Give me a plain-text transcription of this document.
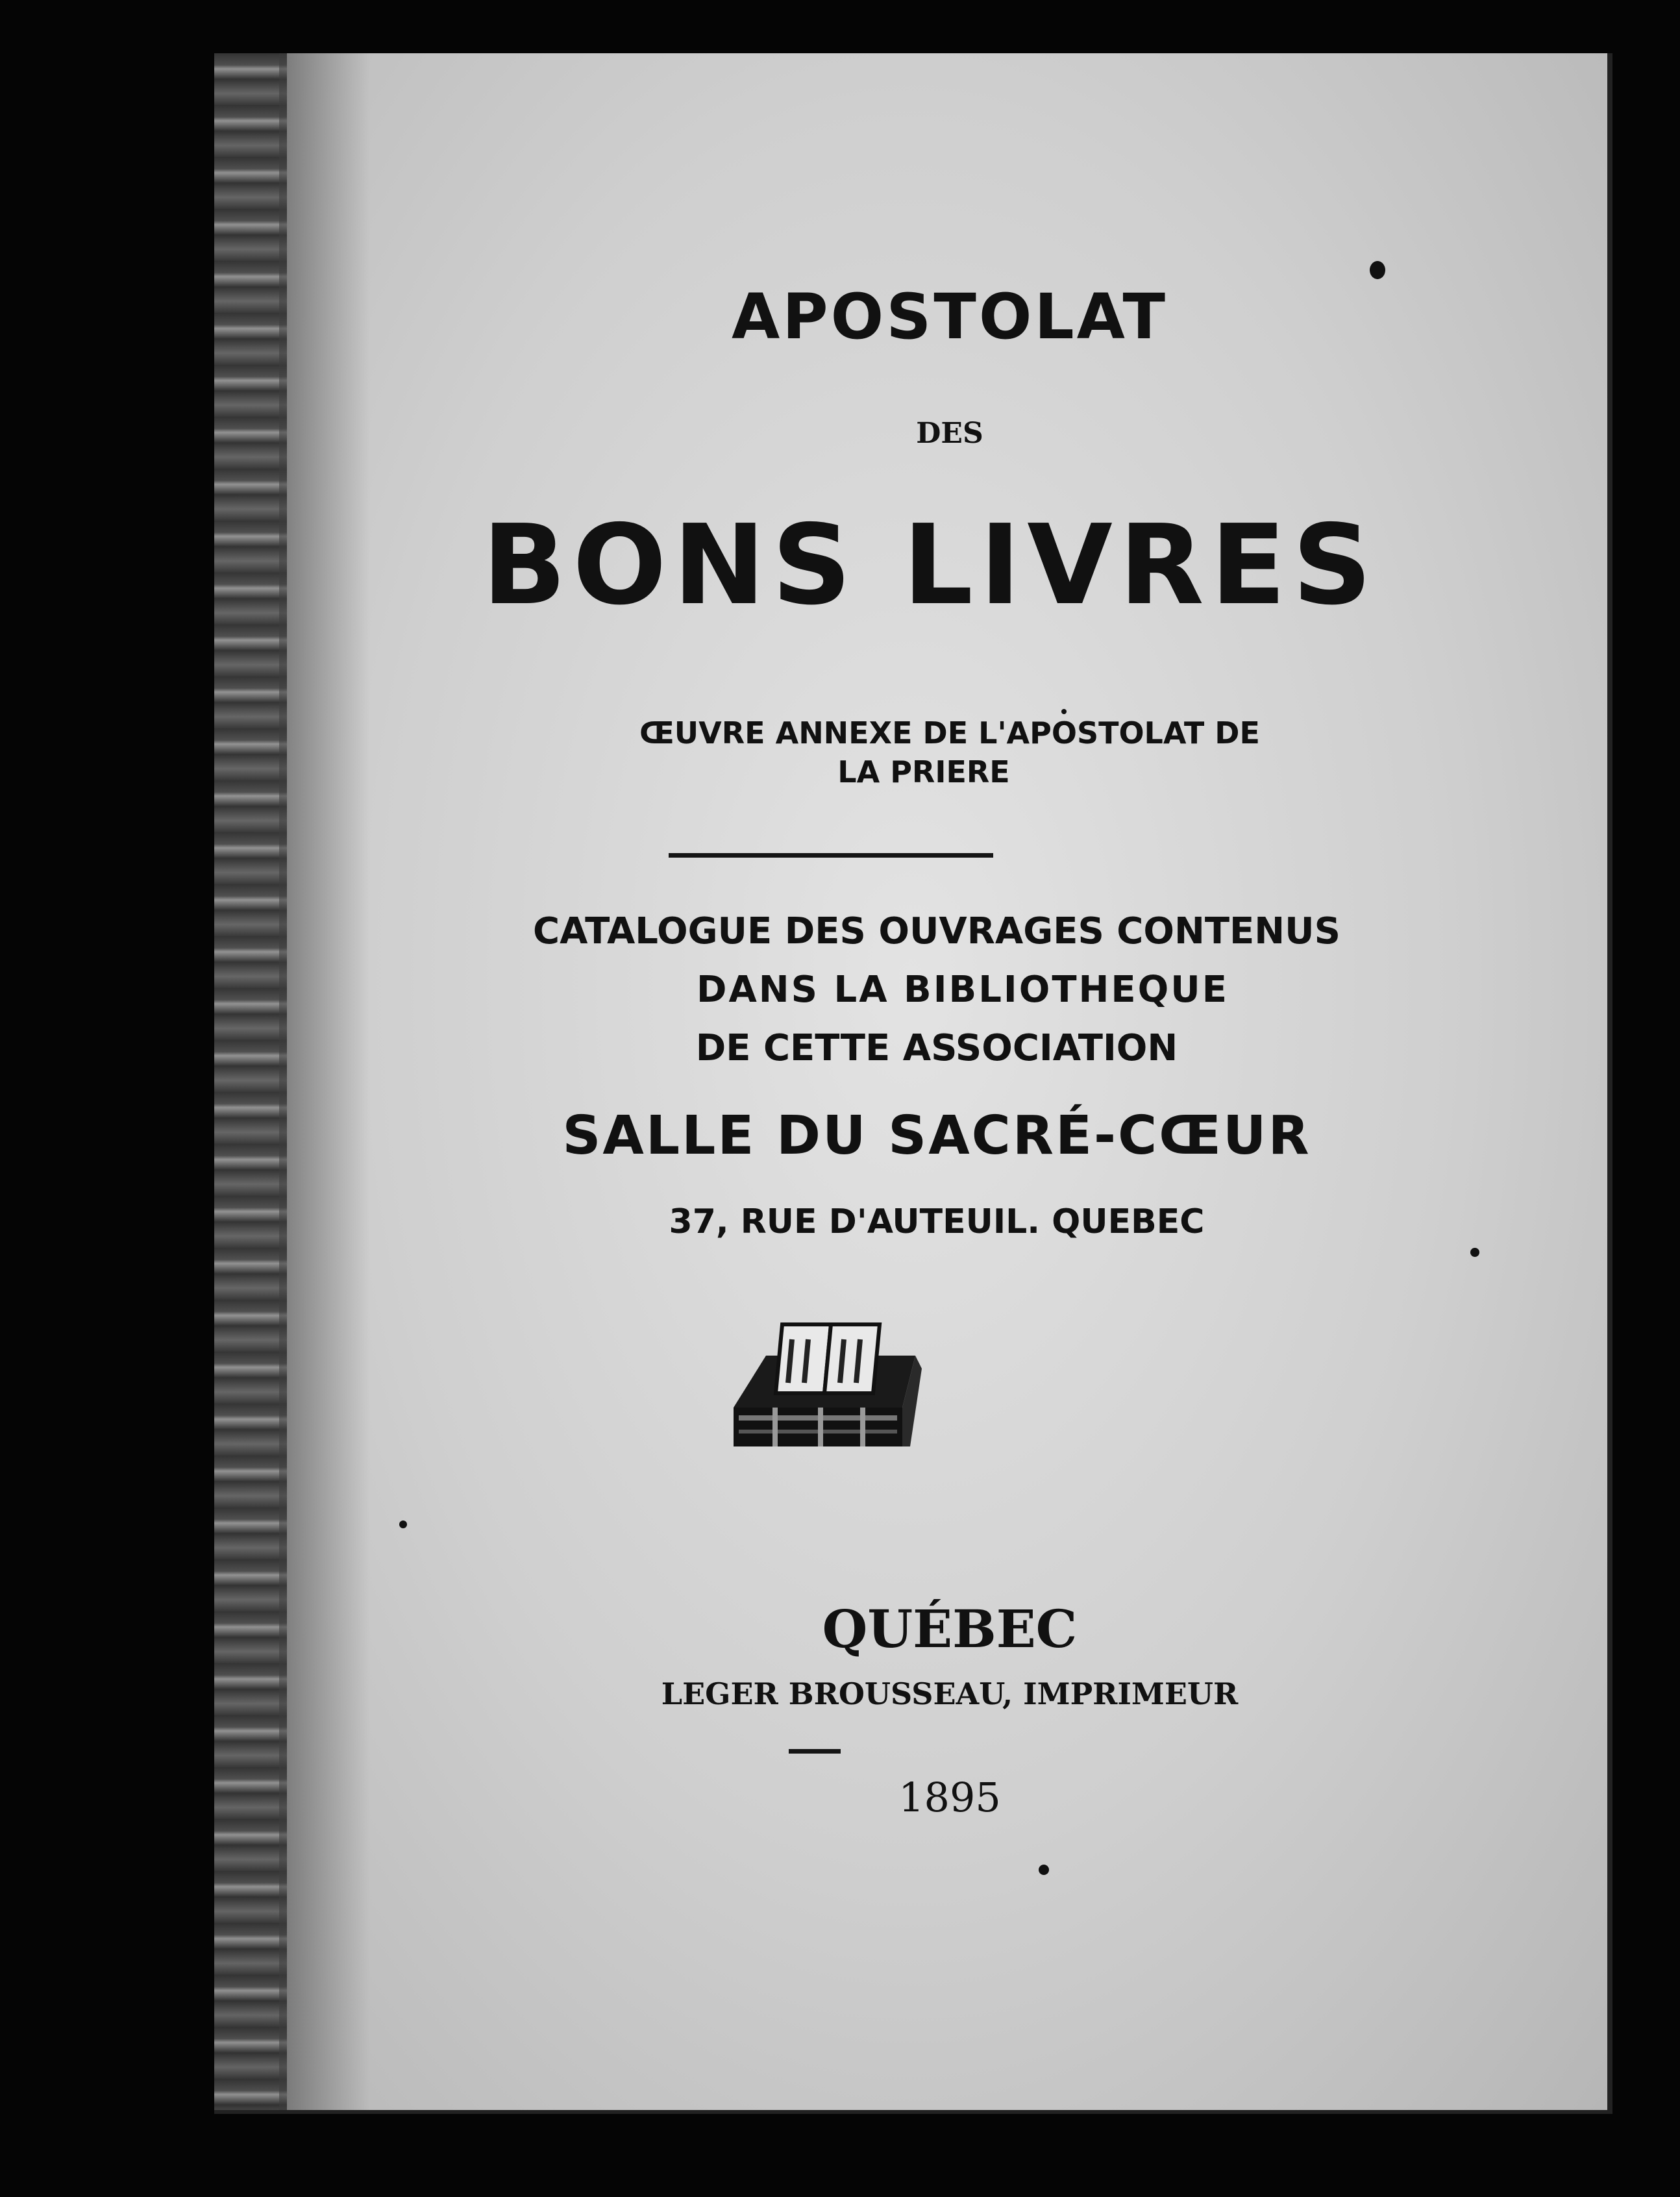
APOSTOLAT
DES
BONS LIVRES
ŒUVRE ANNEXE DE L'APOSTOLAT DE
LA PRIERE
CATALOGUE DES OUVRAGES CONTENUS
DANS LA BIBLIOTHEQUE
DE CETTE ASSOCIATION
SALLE DU SACRÉ-CŒUR
37, RUE D'AUTEUIL. QUEBEC
QUÉBEC
LEGER BROUSSEAU, IMPRIMEUR
1895
